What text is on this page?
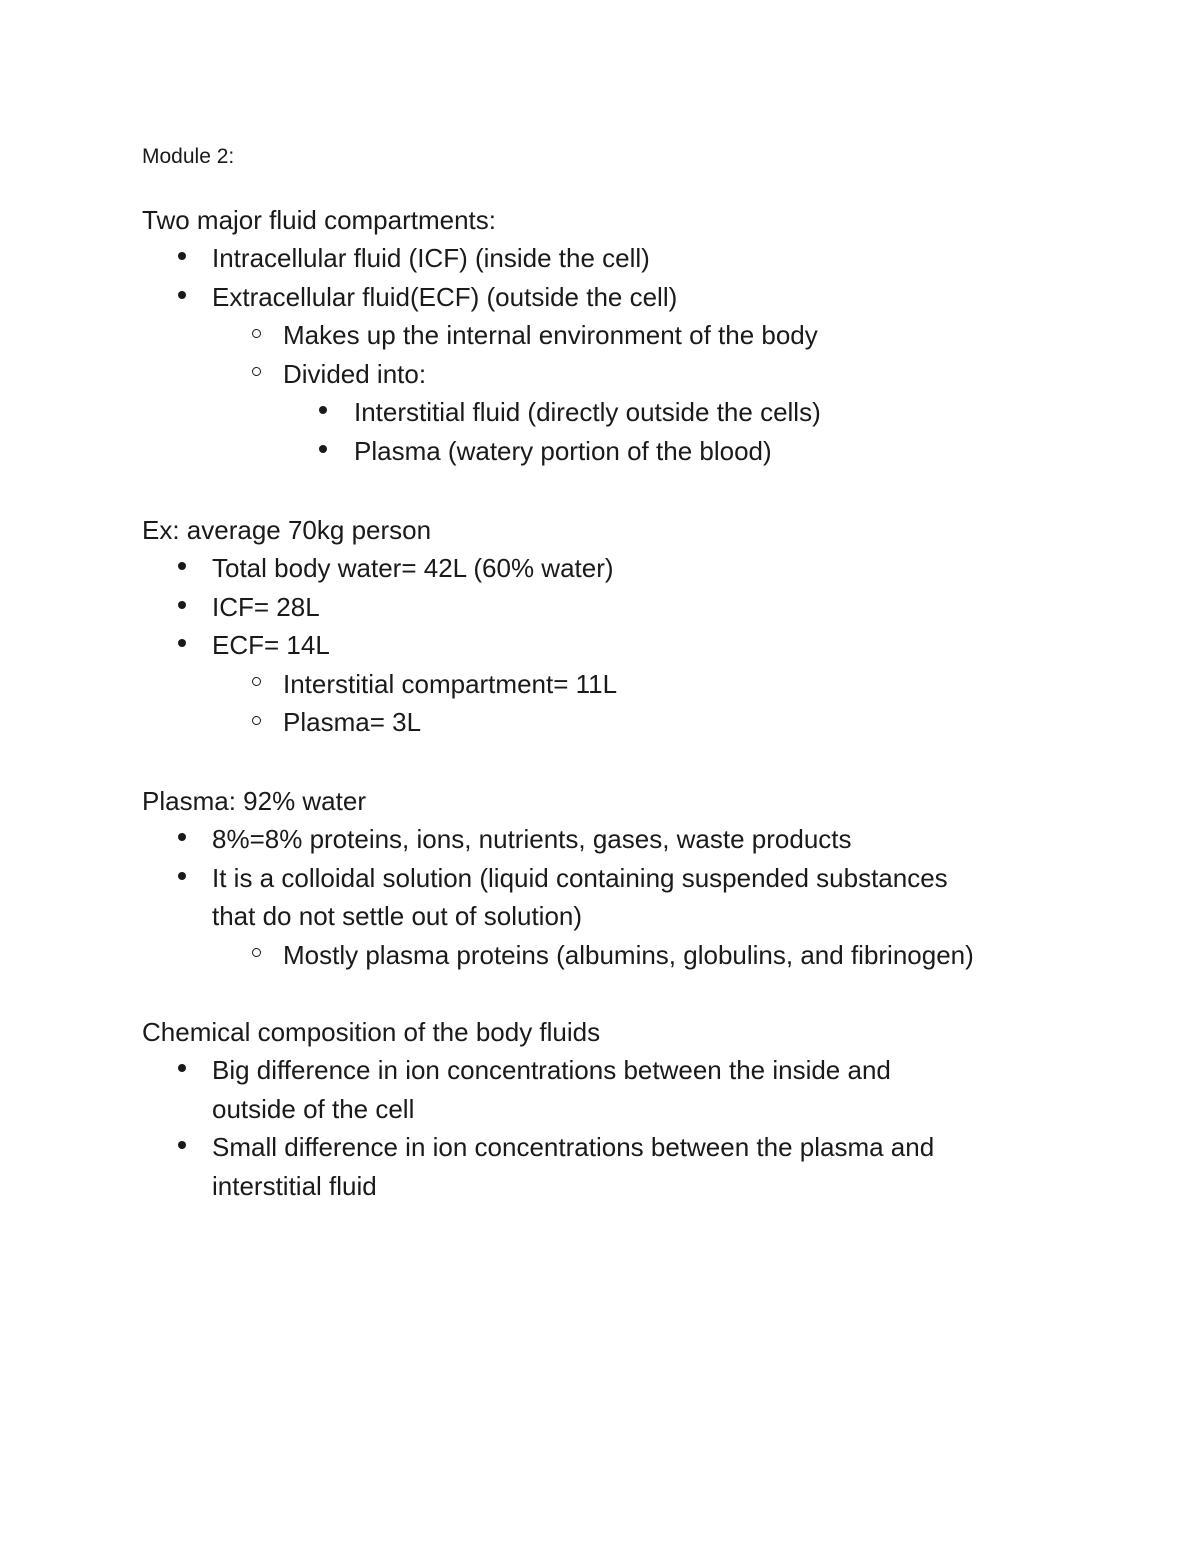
Module 2:

Two major fluid compartments:

Intracellular fluid (ICF) (inside the cell)

Extracellular fluid(ECF) (outside the cell)

Makes up the internal environment of the body

Divided into:

Interstitial fluid (directly outside the cells)

Plasma (watery portion of the blood)

Ex: average 70kg person

Total body water= 42L (60% water)

ICF= 28L

ECF= 14L

Interstitial compartment= 11L

Plasma= 3L

Plasma: 92% water

8%=8% proteins, ions, nutrients, gases, waste products

It is a colloidal solution (liquid containing suspended substances
that do not settle out of solution)

Mostly plasma proteins (albumins, globulins, and fibrinogen)

Chemical composition of the body fluids

Big difference in ion concentrations between the inside and
outside of the cell

Small difference in ion concentrations between the plasma and
interstitial fluid
